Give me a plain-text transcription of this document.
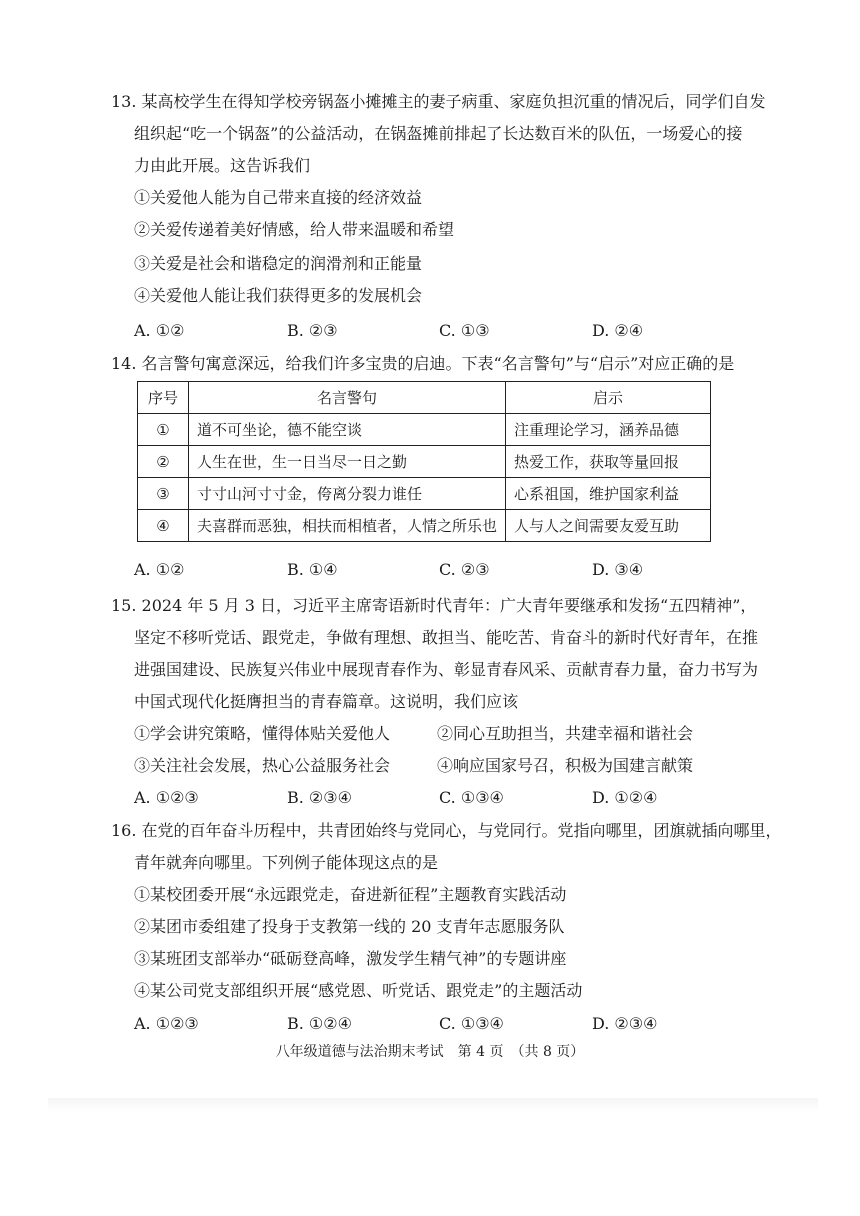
13. 某高校学生在得知学校旁锅盔小摊摊主的妻子病重、家庭负担沉重的情况后，同学们自发
组织起“吃一个锅盔”的公益活动，在锅盔摊前排起了长达数百米的队伍，一场爱心的接
力由此开展。这告诉我们
①关爱他人能为自己带来直接的经济效益
②关爱传递着美好情感，给人带来温暖和希望
③关爱是社会和谐稳定的润滑剂和正能量
④关爱他人能让我们获得更多的发展机会
A. ①②	B. ②③	C. ①③	D. ②④
14. 名言警句寓意深远，给我们许多宝贵的启迪。下表“名言警句”与“启示”对应正确的是
序号	名言警句	启示
①	道不可坐论，德不能空谈	注重理论学习，涵养品德
②	人生在世，生一日当尽一日之勤	热爱工作，获取等量回报
③	寸寸山河寸寸金，侉离分裂力谁任	心系祖国，维护国家利益
④	夫喜群而恶独，相扶而相植者，人情之所乐也	人与人之间需要友爱互助
A. ①②	B. ①④	C. ②③	D. ③④
15. 2024 年 5 月 3 日，习近平主席寄语新时代青年：广大青年要继承和发扬“五四精神”，
坚定不移听党话、跟党走，争做有理想、敢担当、能吃苦、肯奋斗的新时代好青年，在推
进强国建设、民族复兴伟业中展现青春作为、彰显青春风采、贡献青春力量，奋力书写为
中国式现代化挺膺担当的青春篇章。这说明，我们应该
①学会讲究策略，懂得体贴关爱他人	②同心互助担当，共建幸福和谐社会
③关注社会发展，热心公益服务社会	④响应国家号召，积极为国建言献策
A. ①②③	B. ②③④	C. ①③④	D. ①②④
16. 在党的百年奋斗历程中，共青团始终与党同心，与党同行。党指向哪里，团旗就插向哪里，
青年就奔向哪里。下列例子能体现这点的是
①某校团委开展“永远跟党走，奋进新征程”主题教育实践活动
②某团市委组建了投身于支教第一线的 20 支青年志愿服务队
③某班团支部举办“砥砺登高峰，激发学生精气神”的专题讲座
④某公司党支部组织开展“感党恩、听党话、跟党走”的主题活动
A. ①②③	B. ①②④	C. ①③④	D. ②③④
八年级道德与法治期末考试　第 4 页　（共 8 页）
